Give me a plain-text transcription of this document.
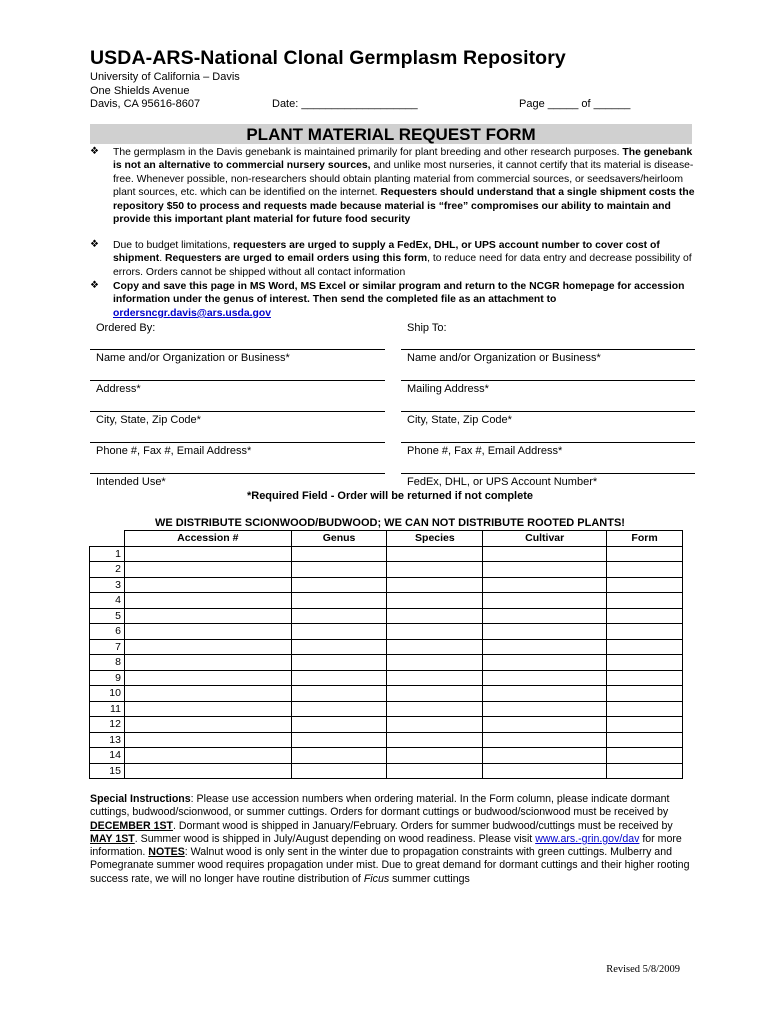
USDA-ARS-National Clonal Germplasm Repository
University of California – Davis
One Shields Avenue
Davis, CA 95616-8607	Date: ___________________	Page _____ of ______
PLANT MATERIAL REQUEST FORM
❖ The germplasm in the Davis genebank is maintained primarily for plant breeding and other research purposes. The genebank is not an alternative to commercial nursery sources, and unlike most nurseries, it cannot certify that its material is disease-free. Whenever possible, non-researchers should obtain planting material from commercial sources, or seedsavers/heirloom plant sources, etc. which can be identified on the internet. Requesters should understand that a single shipment costs the repository $50 to process and requests made because material is “free” compromises our ability to maintain and provide this important plant material for future food security
❖ Due to budget limitations, requesters are urged to supply a FedEx, DHL, or UPS account number to cover cost of shipment. Requesters are urged to email orders using this form, to reduce need for data entry and decrease possibility of errors. Orders cannot be shipped without all contact information
❖ Copy and save this page in MS Word, MS Excel or similar program and return to the NCGR homepage for accession information under the genus of interest. Then send the completed file as an attachment to
ordersncgr.davis@ars.usda.gov
Ordered By:	Ship To:
Name and/or Organization or Business*	Name and/or Organization or Business*
Address*	Mailing Address*
City, State, Zip Code*	City, State, Zip Code*
Phone #, Fax #, Email Address*	Phone #, Fax #, Email Address*
Intended Use*	FedEx, DHL, or UPS Account Number*
*Required Field - Order will be returned if not complete
WE DISTRIBUTE SCIONWOOD/BUDWOOD; WE CAN NOT DISTRIBUTE ROOTED PLANTS!
	Accession #	Genus	Species	Cultivar	Form
1					
2					
3					
4					
5					
6					
7					
8					
9					
10					
11					
12					
13					
14					
15					
Special Instructions: Please use accession numbers when ordering material. In the Form column, please indicate dormant cuttings, budwood/scionwood, or summer cuttings. Orders for dormant cuttings or budwood/scionwood must be received by DECEMBER 1ST. Dormant wood is shipped in January/February. Orders for summer budwood/cuttings must be received by MAY 1ST. Summer wood is shipped in July/August depending on wood readiness. Please visit www.ars.-grin.gov/dav for more information. NOTES: Walnut wood is only sent in the winter due to propagation constraints with green cuttings. Mulberry and Pomegranate summer wood requires propagation under mist. Due to great demand for dormant cuttings and their higher rooting success rate, we will no longer have routine distribution of Ficus summer cuttings
Revised 5/8/2009
